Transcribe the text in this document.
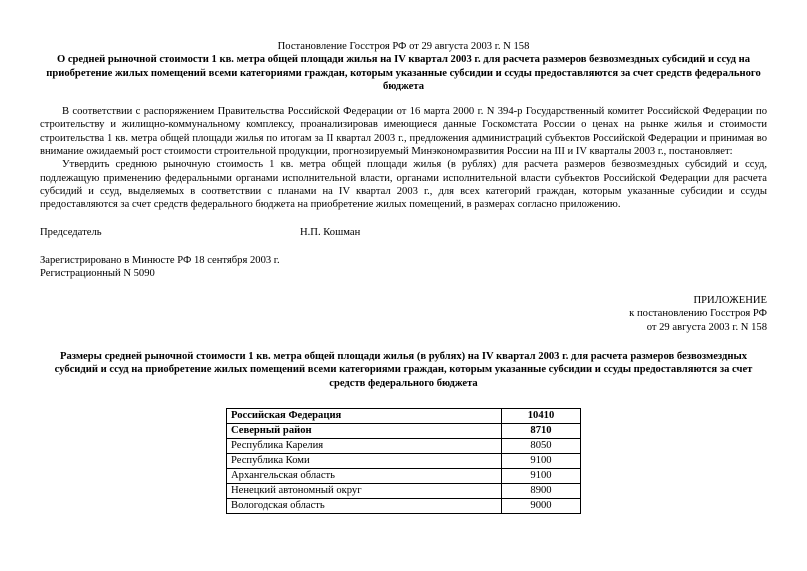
Постановление Госстроя РФ от 29 августа 2003 г. N 158
О средней рыночной стоимости 1 кв. метра общей площади жилья на IV квартал 2003 г. для расчета размеров безвозмездных субсидий и ссуд на приобретение жилых помещений всеми категориями граждан, которым указанные субсидии и ссуды предоставляются за счет средств федерального бюджета

В соответствии с распоряжением Правительства Российской Федерации от 16 марта 2000 г. N 394-р Государственный комитет Российской Федерации по строительству и жилищно-коммунальному комплексу, проанализировав имеющиеся данные Госкомстата России о ценах на рынке жилья и стоимости строительства 1 кв. метра общей площади жилья по итогам за II квартал 2003 г., предложения администраций субъектов Российской Федерации и принимая во внимание ожидаемый рост стоимости строительной продукции, прогнозируемый Минэкономразвития России на III и IV кварталы 2003 г., постановляет:

Утвердить среднюю рыночную стоимость 1 кв. метра общей площади жилья (в рублях) для расчета размеров безвозмездных субсидий и ссуд, подлежащую применению федеральными органами исполнительной власти, органами исполнительной власти субъектов Российской Федерации для расчета субсидий и ссуд, выделяемых в соответствии с планами на IV квартал 2003 г., для всех категорий граждан, которым указанные субсидии и ссуды предоставляются за счет средств федерального бюджета на приобретение жилых помещений, в размерах согласно приложению.

Председатель	Н.П. Кошман
Зарегистрировано в Минюсте РФ 18 сентября 2003 г.
Регистрационный N 5090
ПРИЛОЖЕНИЕ
к постановлению Госстроя РФ
от 29 августа 2003 г. N 158
Размеры средней рыночной стоимости 1 кв. метра общей площади жилья (в рублях) на IV квартал 2003 г. для расчета размеров безвозмездных субсидий и ссуд на приобретение жилых помещений всеми категориями граждан, которым указанные субсидии и ссуды предоставляются за счет средств федерального бюджета
Российская Федерация	10410
Северный район	8710
Республика Карелия	8050
Республика Коми	9100
Архангельская область	9100
Ненецкий автономный округ	8900
Вологодская область	9000
